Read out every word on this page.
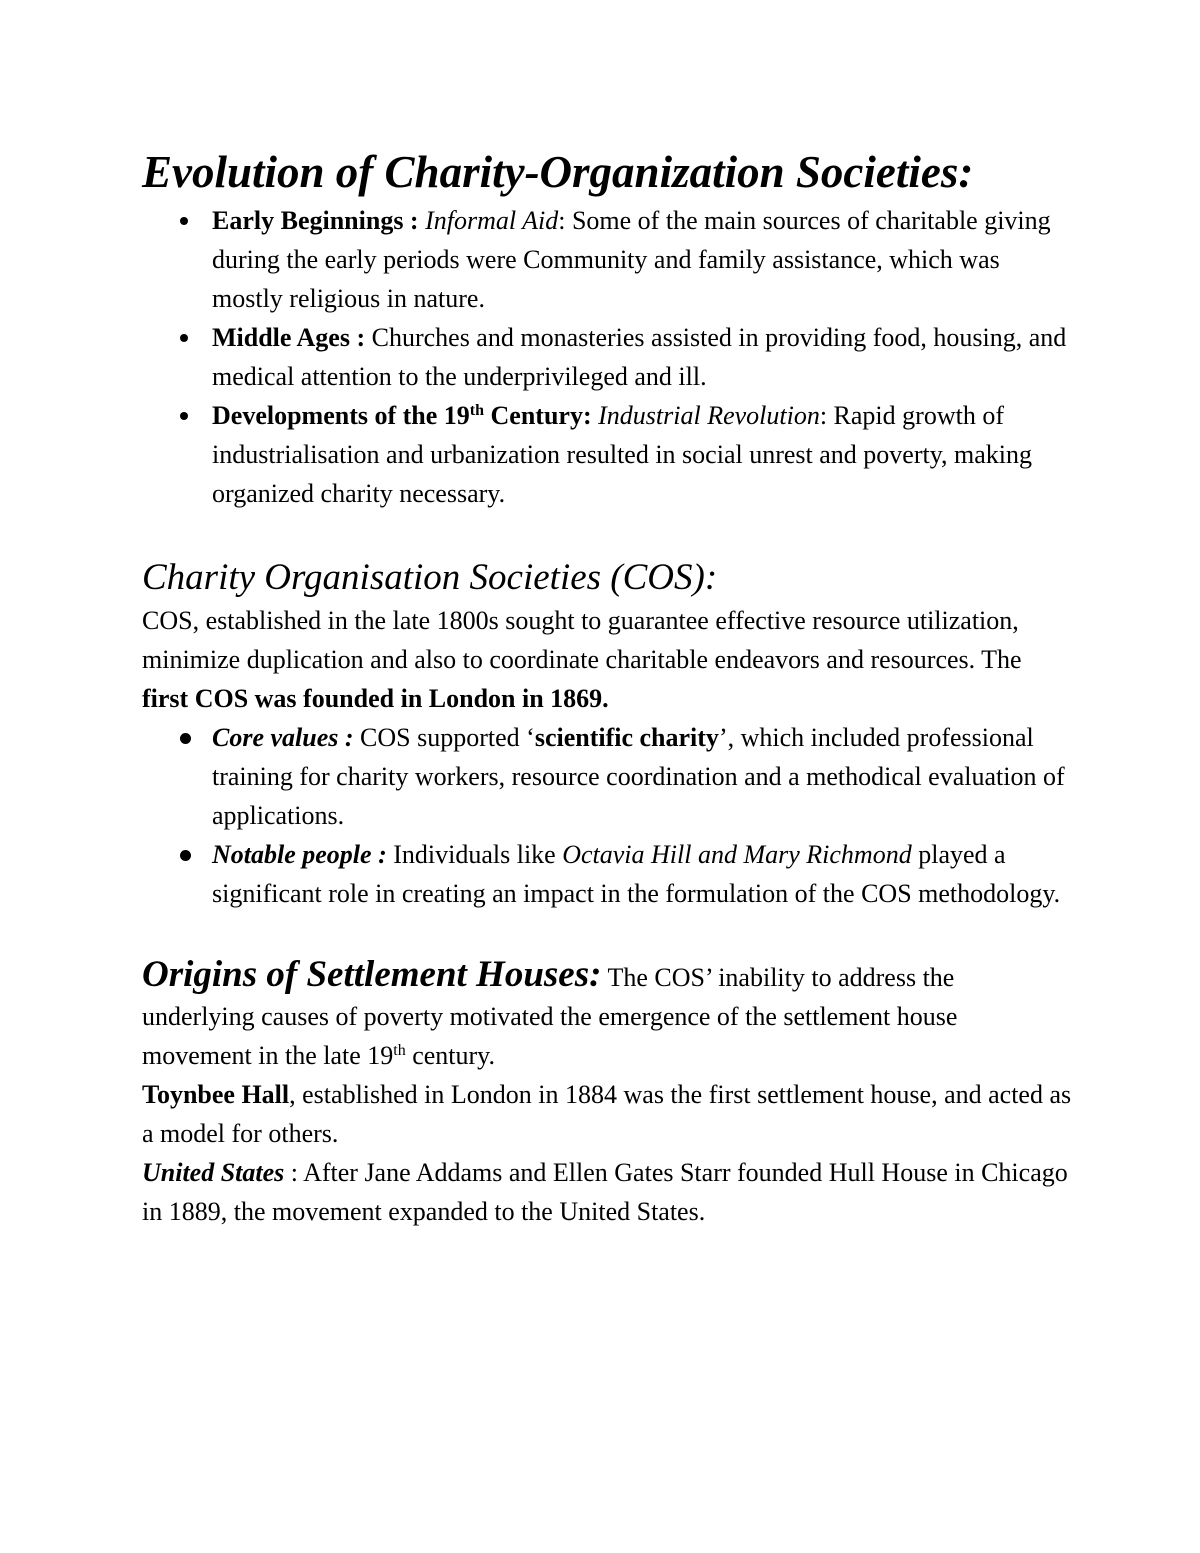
Evolution of Charity-Organization Societies:
Early Beginnings : Informal Aid: Some of the main sources of charitable giving during the early periods were Community and family assistance, which was mostly religious in nature.
Middle Ages : Churches and monasteries assisted in providing food, housing, and medical attention to the underprivileged and ill.
Developments of the 19th Century: Industrial Revolution: Rapid growth of industrialisation and urbanization resulted in social unrest and poverty, making organized charity necessary.
Charity Organisation Societies (COS):
COS, established in the late 1800s sought to guarantee effective resource utilization, minimize duplication and also to coordinate charitable endeavors and resources. The first COS was founded in London in 1869.
Core values : COS supported ‘scientific charity’, which included professional training for charity workers, resource coordination and a methodical evaluation of applications.
Notable people : Individuals like Octavia Hill and Mary Richmond played a significant role in creating an impact in the formulation of the COS methodology.
Origins of Settlement Houses: The COS’ inability to address the underlying causes of poverty motivated the emergence of the settlement house movement in the late 19th century.
Toynbee Hall, established in London in 1884 was the first settlement house, and acted as a model for others.
United States : After Jane Addams and Ellen Gates Starr founded Hull House in Chicago in 1889, the movement expanded to the United States.
